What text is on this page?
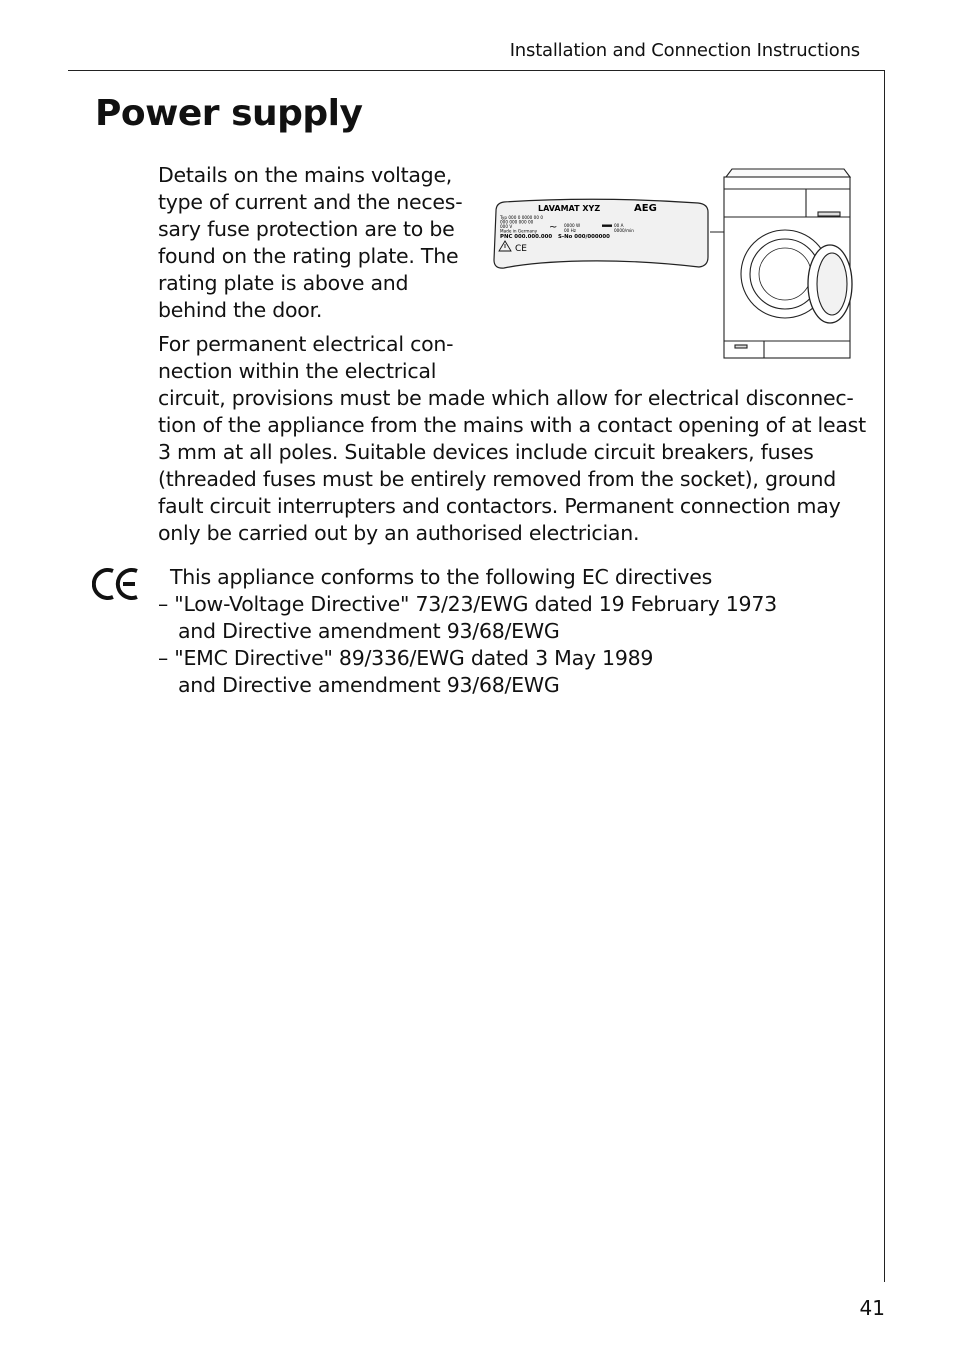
Installation and Connection Instructions
Power supply
Details on the mains voltage,
type of current and the neces-
sary fuse protection are to be
found on the rating plate. The
rating plate is above and
behind the door.
For permanent electrical con-
nection within the electrical
circuit, provisions must be made which allow for electrical disconnec-
tion of the appliance from the mains with a contact opening of at least
3 mm at all poles. Suitable devices include circuit breakers, fuses
(threaded fuses must be entirely removed from the socket), ground
fault circuit interrupters and contactors. Permanent connection may
only be carried out by an authorised electrician.
LAVAMAT XYZ	AEG
Typ 000 0 0000 00 0
000 000 000 00
000 V
Made in Germany
PNC 000.000.000 S-No 000/000000
~ 0000 W
00 Hz
00 A
0000/min
CE
This appliance conforms to the following EC directives
– "Low-Voltage Directive" 73/23/EWG dated 19 February 1973
and Directive amendment 93/68/EWG
– "EMC Directive" 89/336/EWG dated 3 May 1989
and Directive amendment 93/68/EWG
41
